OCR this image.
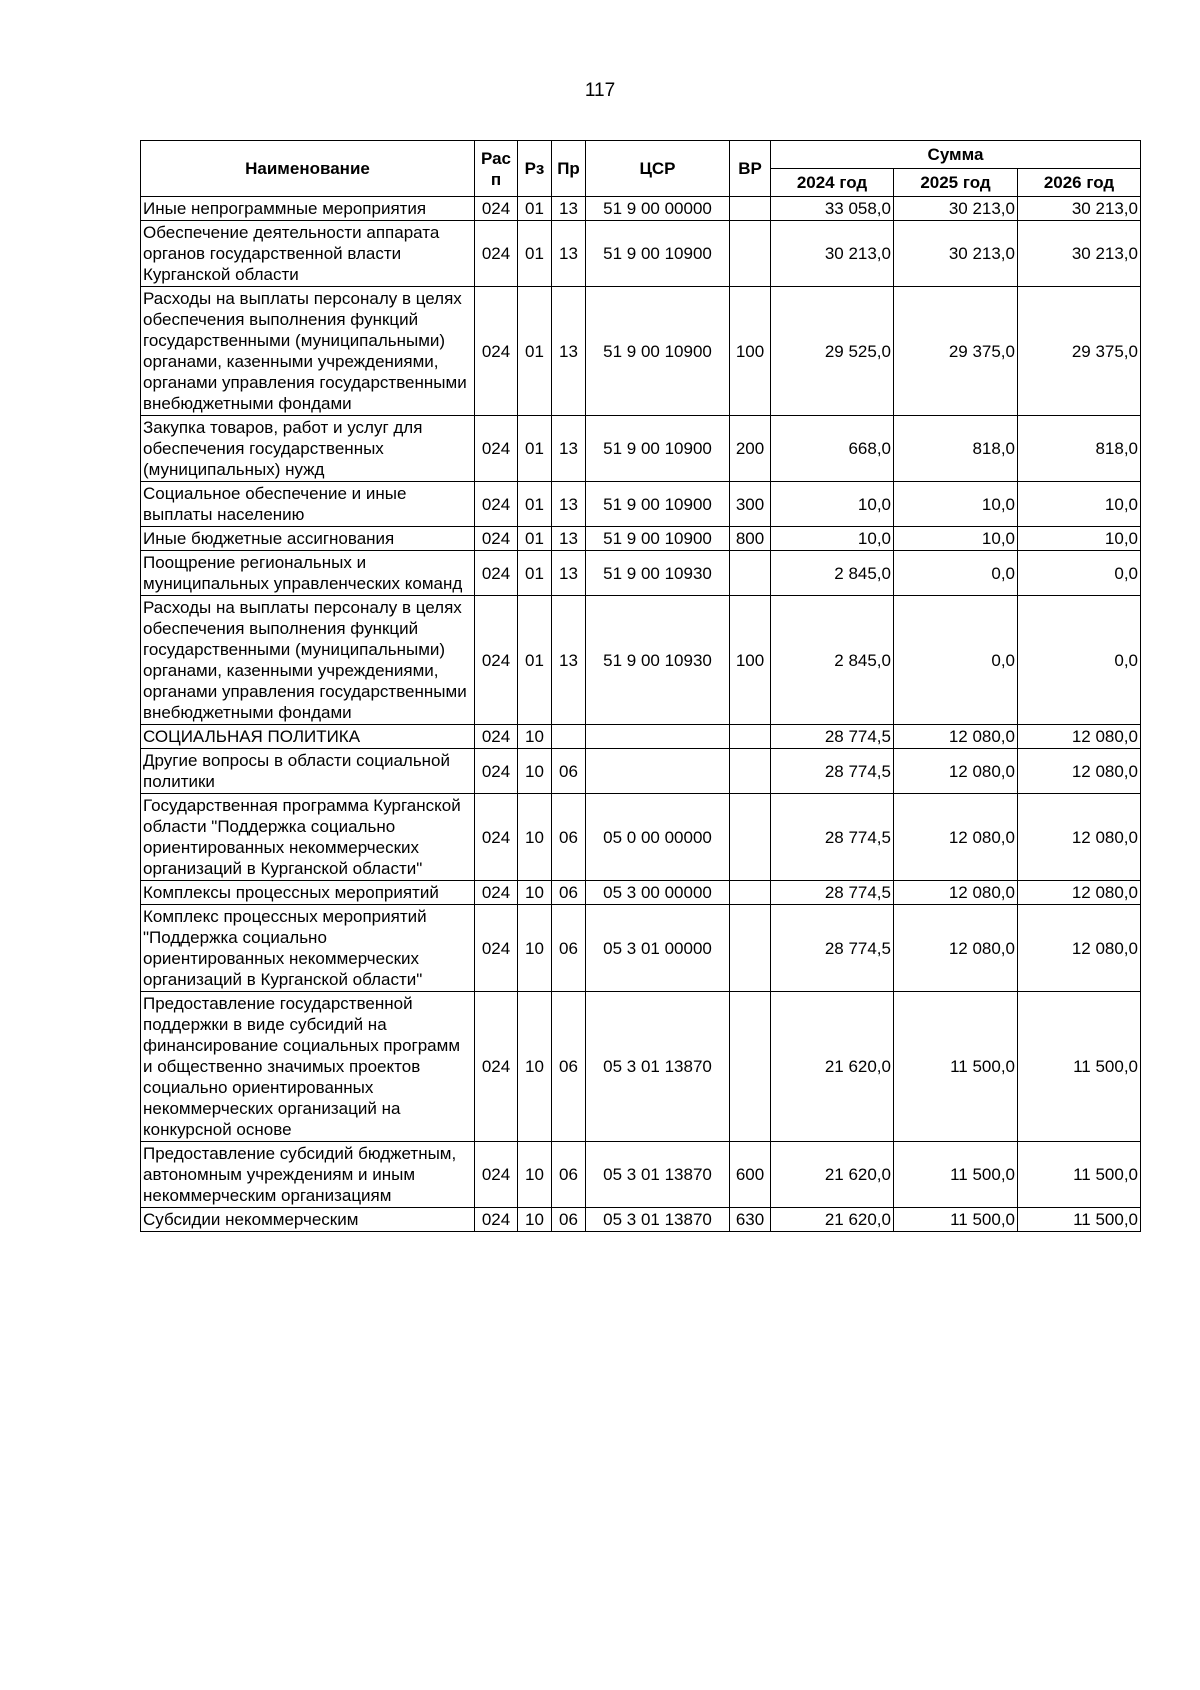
117
Наименование	Рас п	Рз	Пр	ЦСР	ВР	Сумма		
						2024 год	2025 год	2026 год
Иные непрограммные мероприятия	024	01	13	51 9 00 00000		33 058,0	30 213,0	30 213,0
Обеспечение деятельности аппарата органов государственной власти Курганской области	024	01	13	51 9 00 10900		30 213,0	30 213,0	30 213,0
Расходы на выплаты персоналу в целях обеспечения выполнения функций государственными (муниципальными) органами, казенными учреждениями, органами управления государственными внебюджетными фондами	024	01	13	51 9 00 10900	100	29 525,0	29 375,0	29 375,0
Закупка товаров, работ и услуг для обеспечения государственных (муниципальных) нужд	024	01	13	51 9 00 10900	200	668,0	818,0	818,0
Социальное обеспечение и иные выплаты населению	024	01	13	51 9 00 10900	300	10,0	10,0	10,0
Иные бюджетные ассигнования	024	01	13	51 9 00 10900	800	10,0	10,0	10,0
Поощрение региональных и муниципальных управленческих команд	024	01	13	51 9 00 10930		2 845,0	0,0	0,0
Расходы на выплаты персоналу в целях обеспечения выполнения функций государственными (муниципальными) органами, казенными учреждениями, органами управления государственными внебюджетными фондами	024	01	13	51 9 00 10930	100	2 845,0	0,0	0,0
СОЦИАЛЬНАЯ ПОЛИТИКА	024	10				28 774,5	12 080,0	12 080,0
Другие вопросы в области социальной политики	024	10	06			28 774,5	12 080,0	12 080,0
Государственная программа Курганской области "Поддержка социально ориентированных некоммерческих организаций в Курганской области"	024	10	06	05 0 00 00000		28 774,5	12 080,0	12 080,0
Комплексы процессных мероприятий	024	10	06	05 3 00 00000		28 774,5	12 080,0	12 080,0
Комплекс процессных мероприятий "Поддержка социально ориентированных некоммерческих организаций в Курганской области"	024	10	06	05 3 01 00000		28 774,5	12 080,0	12 080,0
Предоставление государственной поддержки в виде субсидий на финансирование социальных программ и общественно значимых проектов социально ориентированных некоммерческих организаций на конкурсной основе	024	10	06	05 3 01 13870		21 620,0	11 500,0	11 500,0
Предоставление субсидий бюджетным, автономным учреждениям и иным некоммерческим организациям	024	10	06	05 3 01 13870	600	21 620,0	11 500,0	11 500,0
Субсидии некоммерческим	024	10	06	05 3 01 13870	630	21 620,0	11 500,0	11 500,0
